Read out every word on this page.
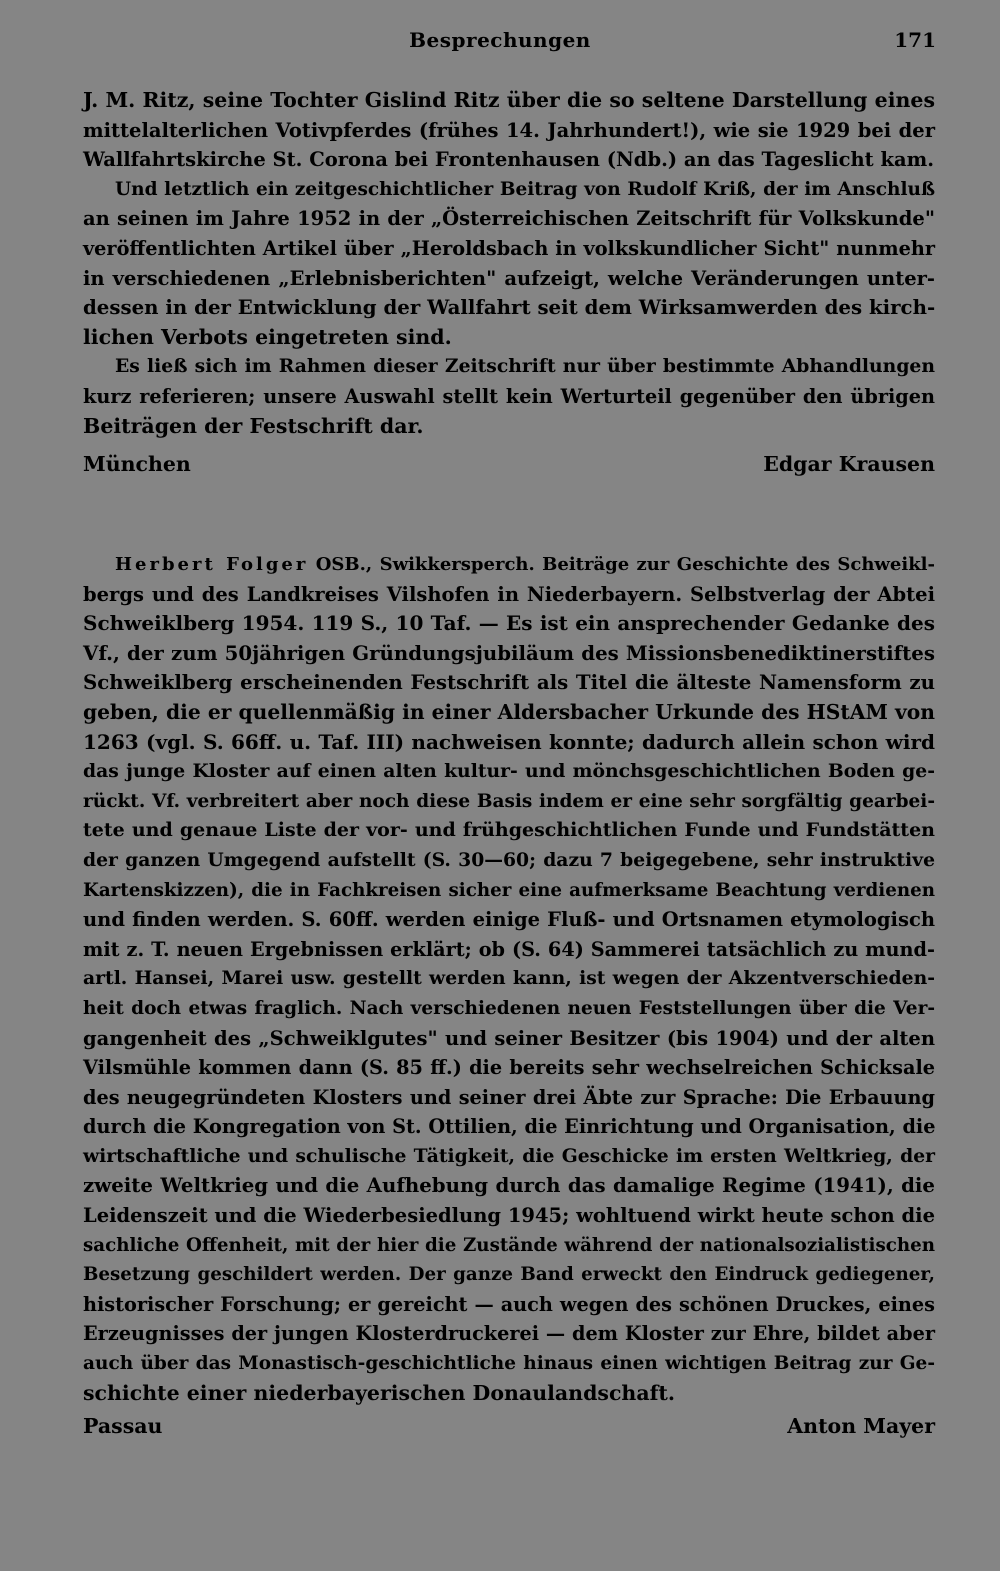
Besprechungen	171
J. M. Ritz, seine Tochter Gislind Ritz über die so seltene Darstellung eines
mittelalterlichen Votivpferdes (frühes 14. Jahrhundert!), wie sie 1929 bei der
Wallfahrtskirche St. Corona bei Frontenhausen (Ndb.) an das Tageslicht kam.
Und letztlich ein zeitgeschichtlicher Beitrag von Rudolf Kriß, der im Anschluß
an seinen im Jahre 1952 in der „Österreichischen Zeitschrift für Volkskunde"
veröffentlichten Artikel über „Heroldsbach in volkskundlicher Sicht" nunmehr
in verschiedenen „Erlebnisberichten" aufzeigt, welche Veränderungen unter-
dessen in der Entwicklung der Wallfahrt seit dem Wirksamwerden des kirch-
lichen Verbots eingetreten sind.
Es ließ sich im Rahmen dieser Zeitschrift nur über bestimmte Abhandlungen
kurz referieren; unsere Auswahl stellt kein Werturteil gegenüber den übrigen
Beiträgen der Festschrift dar.
München	Edgar Krausen
Herbert Folger OSB., Swikkersperch. Beiträge zur Geschichte des Schweikl-
bergs und des Landkreises Vilshofen in Niederbayern. Selbstverlag der Abtei
Schweiklberg 1954. 119 S., 10 Taf. — Es ist ein ansprechender Gedanke des
Vf., der zum 50jährigen Gründungsjubiläum des Missionsbenediktinerstiftes
Schweiklberg erscheinenden Festschrift als Titel die älteste Namensform zu
geben, die er quellenmäßig in einer Aldersbacher Urkunde des HStAM von
1263 (vgl. S. 66ff. u. Taf. III) nachweisen konnte; dadurch allein schon wird
das junge Kloster auf einen alten kultur- und mönchsgeschichtlichen Boden ge-
rückt. Vf. verbreitert aber noch diese Basis indem er eine sehr sorgfältig gearbei-
tete und genaue Liste der vor- und frühgeschichtlichen Funde und Fundstätten
der ganzen Umgegend aufstellt (S. 30—60; dazu 7 beigegebene, sehr instruktive
Kartenskizzen), die in Fachkreisen sicher eine aufmerksame Beachtung verdienen
und finden werden. S. 60ff. werden einige Fluß- und Ortsnamen etymologisch
mit z. T. neuen Ergebnissen erklärt; ob (S. 64) Sammerei tatsächlich zu mund-
artl. Hansei, Marei usw. gestellt werden kann, ist wegen der Akzentverschieden-
heit doch etwas fraglich. Nach verschiedenen neuen Feststellungen über die Ver-
gangenheit des „Schweiklgutes" und seiner Besitzer (bis 1904) und der alten
Vilsmühle kommen dann (S. 85 ff.) die bereits sehr wechselreichen Schicksale
des neugegründeten Klosters und seiner drei Äbte zur Sprache: Die Erbauung
durch die Kongregation von St. Ottilien, die Einrichtung und Organisation, die
wirtschaftliche und schulische Tätigkeit, die Geschicke im ersten Weltkrieg, der
zweite Weltkrieg und die Aufhebung durch das damalige Regime (1941), die
Leidenszeit und die Wiederbesiedlung 1945; wohltuend wirkt heute schon die
sachliche Offenheit, mit der hier die Zustände während der nationalsozialistischen
Besetzung geschildert werden. Der ganze Band erweckt den Eindruck gediegener,
historischer Forschung; er gereicht — auch wegen des schönen Druckes, eines
Erzeugnisses der jungen Klosterdruckerei — dem Kloster zur Ehre, bildet aber
auch über das Monastisch-geschichtliche hinaus einen wichtigen Beitrag zur Ge-
schichte einer niederbayerischen Donaulandschaft.
Passau	Anton Mayer
